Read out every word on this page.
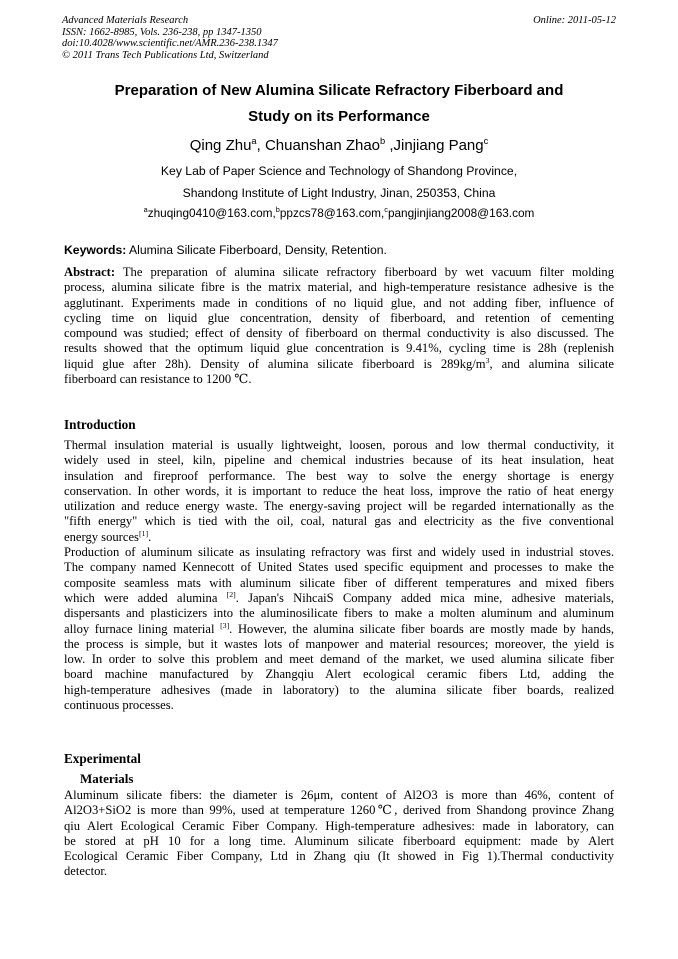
Advanced Materials Research
ISSN: 1662-8985, Vols. 236-238, pp 1347-1350
doi:10.4028/www.scientific.net/AMR.236-238.1347
© 2011 Trans Tech Publications Ltd, Switzerland
Online: 2011-05-12
Preparation of New Alumina Silicate Refractory Fiberboard and
Study on its Performance
Qing Zhu$^a$, Chuanshan Zhao$^b$ ,Jinjiang Pang$^c$
Key Lab of Paper Science and Technology of Shandong Province,
Shandong Institute of Light Industry, Jinan, 250353, China
$^a$zhuqing0410@163.com,$^b$ppzcs78@163.com,$^c$pangjinjiang2008@163.com
Keywords: Alumina Silicate Fiberboard, Density, Retention.
Abstract: The preparation of alumina silicate refractory fiberboard by wet vacuum filter molding
process, alumina silicate fibre is the matrix material, and high-temperature resistance adhesive is the
agglutinant. Experiments made in conditions of no liquid glue, and not adding fiber, influence of
cycling time on liquid glue concentration, density of fiberboard, and retention of cementing
compound was studied; effect of density of fiberboard on thermal conductivity is also discussed. The
results showed that the optimum liquid glue concentration is 9.41%, cycling time is 28h (replenish
liquid glue after 28h). Density of alumina silicate fiberboard is $289kg/m^3$, and alumina silicate
fiberboard can resistance to 1200 ℃.
Introduction
Thermal insulation material is usually lightweight, loosen, porous and low thermal conductivity, it
widely used in steel, kiln, pipeline and chemical industries because of its heat insulation, heat
insulation and fireproof performance. The best way to solve the energy shortage is energy
conservation. In other words, it is important to reduce the heat loss, improve the ratio of heat energy
utilization and reduce energy waste. The energy-saving project will be regarded internationally as the
"fifth energy" which is tied with the oil, coal, natural gas and electricity as the five conventional
energy sources[1].
Production of aluminum silicate as insulating refractory was first and widely used in industrial stoves.
The company named Kennecott of United States used specific equipment and processes to make the
composite seamless mats with aluminum silicate fiber of different temperatures and mixed fibers
which were added alumina [2]. Japan's NihcaiS Company added mica mine, adhesive materials,
dispersants and plasticizers into the aluminosilicate fibers to make a molten aluminum and aluminum
alloy furnace lining material [3]. However, the alumina silicate fiber boards are mostly made by hands,
the process is simple, but it wastes lots of manpower and material resources; moreover, the yield is
low. In order to solve this problem and meet demand of the market, we used alumina silicate fiber
board machine manufactured by Zhangqiu Alert ecological ceramic fibers Ltd, adding the
high-temperature adhesives (made in laboratory) to the alumina silicate fiber boards, realized
continuous processes.
Experimental
Materials
Aluminum silicate fibers: the diameter is 26μm, content of Al2O3 is more than 46%, content of
Al2O3+SiO2 is more than 99%, used at temperature 1260℃, derived from Shandong province Zhang
qiu Alert Ecological Ceramic Fiber Company. High-temperature adhesives: made in laboratory, can
be stored at pH 10 for a long time. Aluminum silicate fiberboard equipment: made by Alert
Ecological Ceramic Fiber Company, Ltd in Zhang qiu (It showed in Fig 1).Thermal conductivity
detector.
